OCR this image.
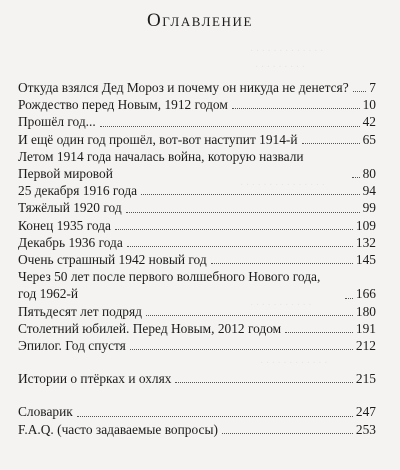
· · · · · · · · · · · · ·
· · · · · · · · ·
· · · · · · · · · · · · · · ·
· · · · · · · · · · ·
· · · · · · · · · · · ·
Оглавление
Откуда взялся Дед Мороз и почему он никуда не денется? 7
Рождество перед Новым, 1912 годом	10
Прошёл год...	42
И ещё один год прошёл, вот-вот наступит 1914-й	65
Летом 1914 года началась война, которую назвали Первой мировой	80
25 декабря 1916 года	94
Тяжёлый 1920 год	99
Конец 1935 года	109
Декабрь 1936 года	132
Очень страшный 1942 новый год	145
Через 50 лет после первого волшебного Нового года, год 1962-й	166
Пятьдесят лет подряд	180
Столетний юбилей. Перед Новым, 2012 годом	191
Эпилог. Год спустя	212
Истории о птёрках и охлях	215
Словарик	247
F.A.Q. (часто задаваемые вопросы)	253
